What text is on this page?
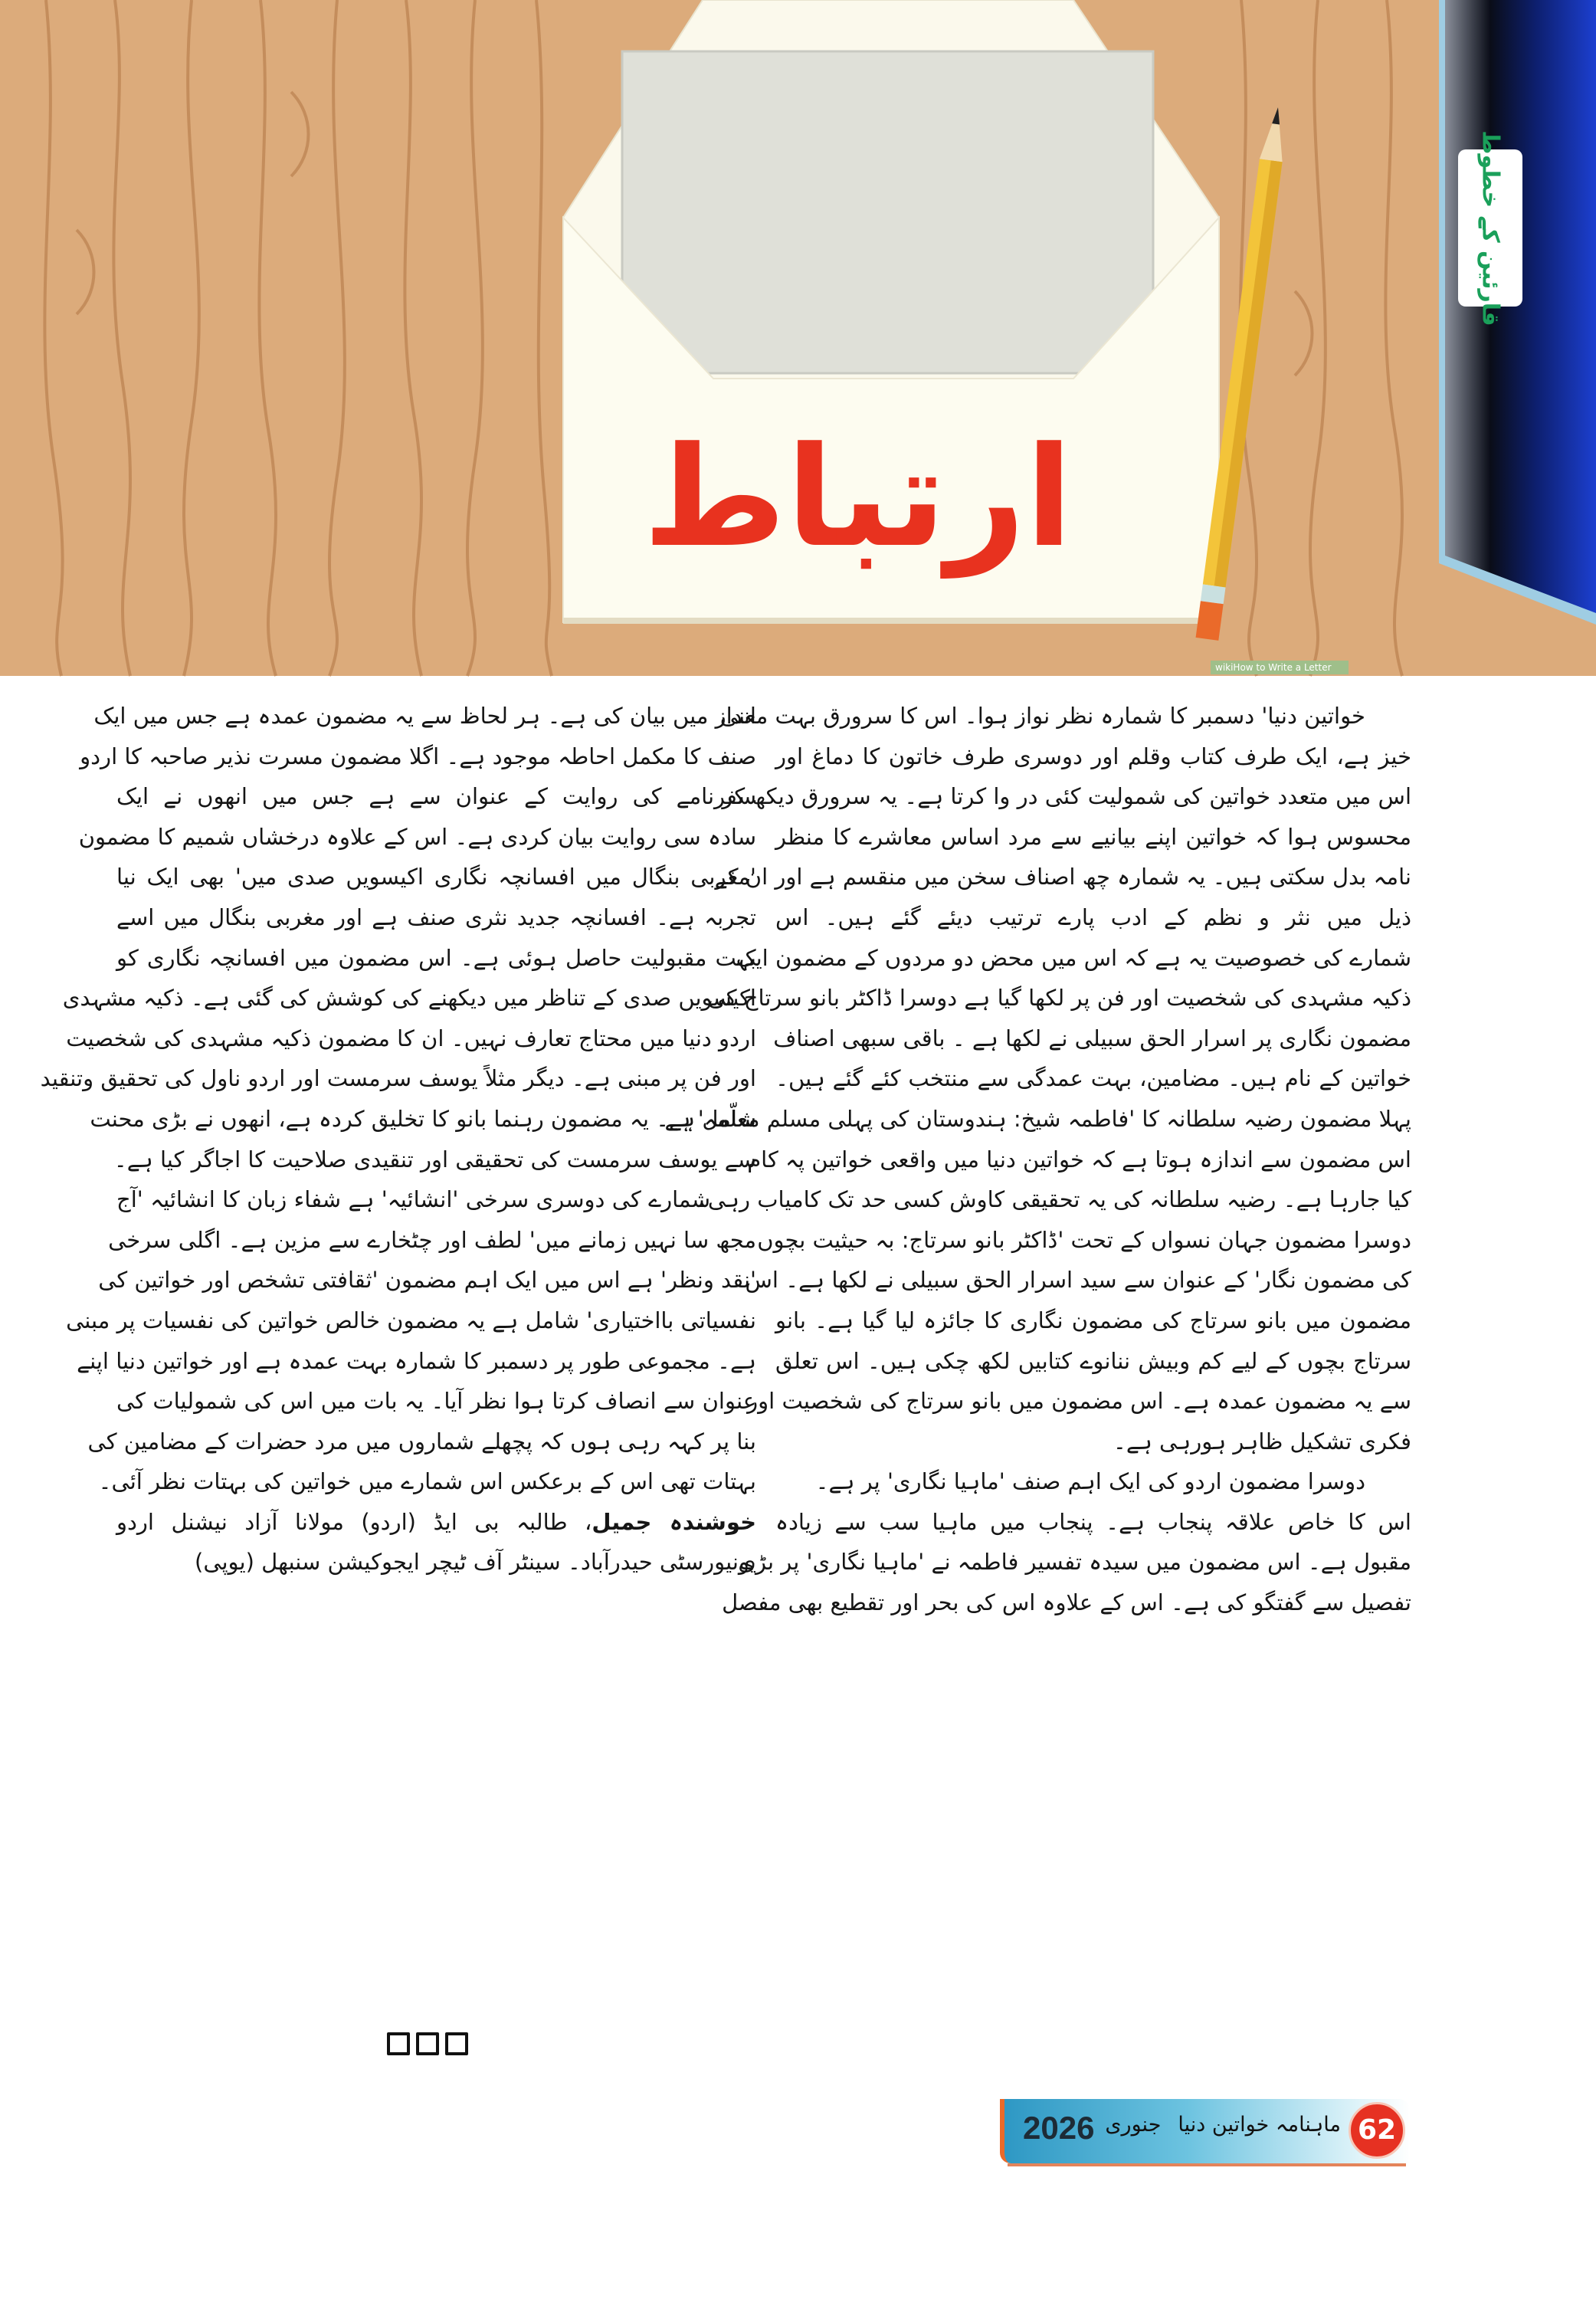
ارتباط
قارئین کے خطوط
wikiHow to Write a Letter
خواتین دنیا' دسمبر کا شمارہ نظر نواز ہوا۔ اس کا سرورق بہت معنی
خیز ہے، ایک طرف کتاب وقلم اور دوسری طرف خاتون کا دماغ اور
اس میں متعدد خواتین کی شمولیت کئی در وا کرتا ہے۔ یہ سرورق دیکھ کر
محسوس ہوا کہ خواتین اپنے بیانیے سے مرد اساس معاشرے کا منظر
نامہ بدل سکتی ہیں۔ یہ شمارہ چھ اصناف سخن میں منقسم ہے اور ان کے
ذیل میں نثر و نظم کے ادب پارے ترتیب دیئے گئے ہیں۔ اس
شمارے کی خصوصیت یہ ہے کہ اس میں محض دو مردوں کے مضمون ایک
ذکیہ مشہدی کی شخصیت اور فن پر لکھا گیا ہے دوسرا ڈاکٹر بانو سرتاج کی
مضمون نگاری پر اسرار الحق سبیلی نے لکھا ہے ۔ باقی سبھی اصناف
خواتین کے نام ہیں۔ مضامین، بہت عمدگی سے منتخب کئے گئے ہیں۔
پہلا مضمون رضیہ سلطانہ کا 'فاطمہ شیخ: ہندوستان کی پہلی مسلم معلّمہ' ہے
اس مضمون سے اندازہ ہوتا ہے کہ خواتین دنیا میں واقعی خواتین پہ کام
کیا جارہا ہے۔ رضیہ سلطانہ کی یہ تحقیقی کاوش کسی حد تک کامیاب رہی۔
دوسرا مضمون جہان نسواں کے تحت 'ڈاکٹر بانو سرتاج: بہ حیثیت بچوں
کی مضمون نگار' کے عنوان سے سید اسرار الحق سبیلی نے لکھا ہے۔ اس
مضمون میں بانو سرتاج کی مضمون نگاری کا جائزہ لیا گیا ہے۔ بانو
سرتاج بچوں کے لیے کم وبیش ننانوے کتابیں لکھ چکی ہیں۔ اس تعلق
سے یہ مضمون عمدہ ہے۔ اس مضمون میں بانو سرتاج کی شخصیت اور
فکری تشکیل ظاہر ہورہی ہے۔
دوسرا مضمون اردو کی ایک اہم صنف 'ماہیا نگاری' پر ہے۔
اس کا خاص علاقہ پنجاب ہے۔ پنجاب میں ماہیا سب سے زیادہ
مقبول ہے۔ اس مضمون میں سیدہ تفسیر فاطمہ نے 'ماہیا نگاری' پر بڑی
تفصیل سے گفتگو کی ہے۔ اس کے علاوہ اس کی بحر اور تقطیع بھی مفصل
انداز میں بیان کی ہے۔ ہر لحاظ سے یہ مضمون عمدہ ہے جس میں ایک
صنف کا مکمل احاطہ موجود ہے۔ اگلا مضمون مسرت نذیر صاحبہ کا اردو
سفرنامے کی روایت کے عنوان سے ہے جس میں انھوں نے ایک
سادہ سی روایت بیان کردی ہے۔ اس کے علاوہ درخشاں شمیم کا مضمون
'مغربی بنگال میں افسانچہ نگاری اکیسویں صدی میں' بھی ایک نیا
تجربہ ہے۔ افسانچہ جدید نثری صنف ہے اور مغربی بنگال میں اسے
بہت مقبولیت حاصل ہوئی ہے۔ اس مضمون میں افسانچہ نگاری کو
اکیسویں صدی کے تناظر میں دیکھنے کی کوشش کی گئی ہے۔ ذکیہ مشہدی
اردو دنیا میں محتاج تعارف نہیں۔ ان کا مضمون ذکیہ مشہدی کی شخصیت
اور فن پر مبنی ہے۔ دیگر مثلاً یوسف سرمست اور اردو ناول کی تحقیق وتنقید
شامل ہے۔ یہ مضمون رہنما بانو کا تخلیق کردہ ہے، انھوں نے بڑی محنت
سے یوسف سرمست کی تحقیقی اور تنقیدی صلاحیت کا اجاگر کیا ہے۔
شمارے کی دوسری سرخی 'انشائیہ' ہے شفاء زبان کا انشائیہ 'آج
مجھ سا نہیں زمانے میں' لطف اور چٹخارے سے مزین ہے۔ اگلی سرخی
'نقد ونظر' ہے اس میں ایک اہم مضمون 'ثقافتی تشخص اور خواتین کی
نفسیاتی بااختیاری' شامل ہے یہ مضمون خالص خواتین کی نفسیات پر مبنی
ہے۔ مجموعی طور پر دسمبر کا شمارہ بہت عمدہ ہے اور خواتین دنیا اپنے
عنوان سے انصاف کرتا ہوا نظر آیا۔ یہ بات میں اس کی شمولیات کی
بنا پر کہہ رہی ہوں کہ پچھلے شماروں میں مرد حضرات کے مضامین کی
بہتات تھی اس کے برعکس اس شمارے میں خواتین کی بہتات نظر آئی۔
خوشندہ جمیل، طالبہ بی ایڈ (اردو) مولانا آزاد نیشنل اردو
یونیورسٹی حیدرآباد۔ سینٹر آف ٹیچر ایجوکیشن سنبھل (یوپی)
2026	ماہنامہ خواتین دنیا
جنوری	62
